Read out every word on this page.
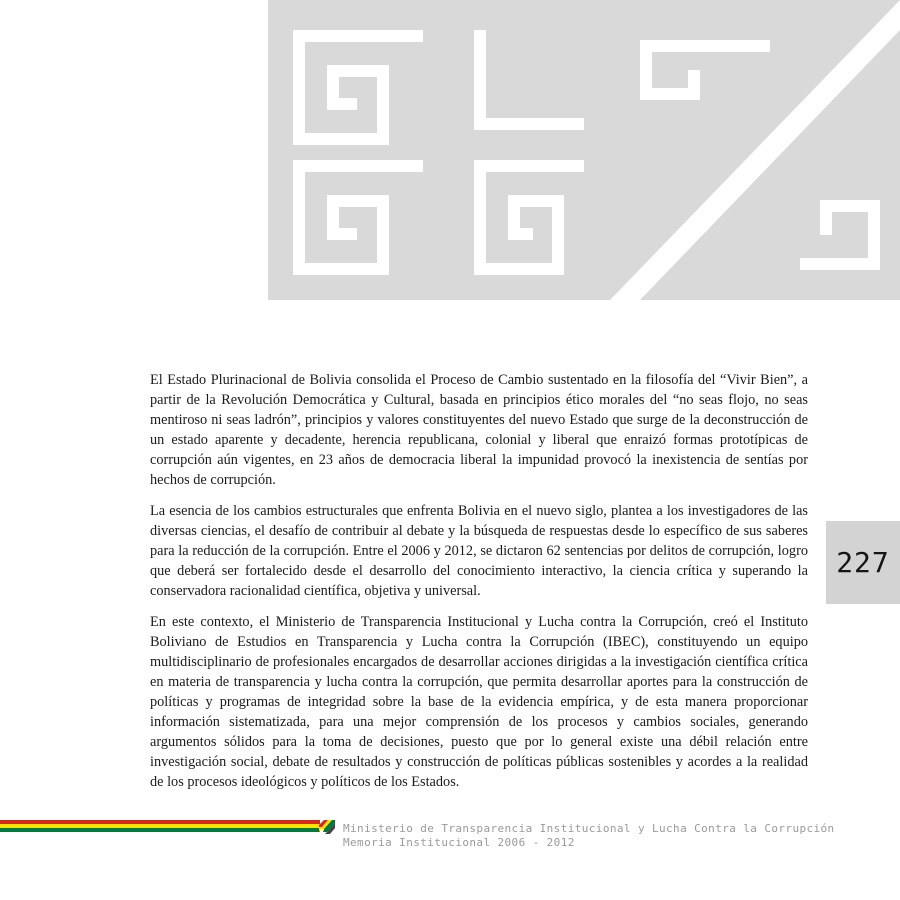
El Estado Plurinacional de Bolivia consolida el Proceso de Cambio sustentado en la filosofía del “Vivir Bien”, a partir de la Revolución Democrática y Cultural, basada en principios ético morales del “no seas flojo, no seas mentiroso ni seas ladrón”, principios y valores constituyentes del nuevo Estado que surge de la deconstrucción de un estado aparente y decadente, herencia republicana, colonial y liberal que enraizó formas prototípicas de corrupción aún vigentes, en 23 años de democracia liberal la impunidad provocó la inexistencia de sentías por hechos de corrupción.

La esencia de los cambios estructurales que enfrenta Bolivia en el nuevo siglo, plantea a los investigadores de las diversas ciencias, el desafío de contribuir al debate y la búsqueda de respuestas desde lo específico de sus saberes para la reducción de la corrupción. Entre el 2006 y 2012, se dictaron 62 sentencias por delitos de corrupción, logro que deberá ser fortalecido desde el desarrollo del conocimiento interactivo, la ciencia crítica y superando la conservadora racionalidad científica, objetiva y universal.

En este contexto, el Ministerio de Transparencia Institucional y Lucha contra la Corrupción, creó el Instituto Boliviano de Estudios en Transparencia y Lucha contra la Corrupción (IBEC), constituyendo un equipo multidisciplinario de profesionales encargados de desarrollar acciones dirigidas a la investigación científica crítica en materia de transparencia y lucha contra la corrupción, que permita desarrollar aportes para la construcción de políticas y programas de integridad sobre la base de la evidencia empírica, y de esta manera proporcionar información sistematizada, para una mejor comprensión de los procesos y cambios sociales, generando argumentos sólidos para la toma de decisiones, puesto que por lo general existe una débil relación entre investigación social, debate de resultados y construcción de políticas públicas sostenibles y acordes a la realidad de los procesos ideológicos y políticos de los Estados.

227
Ministerio de Transparencia Institucional y Lucha Contra la Corrupción
Memoria Institucional 2006 - 2012
